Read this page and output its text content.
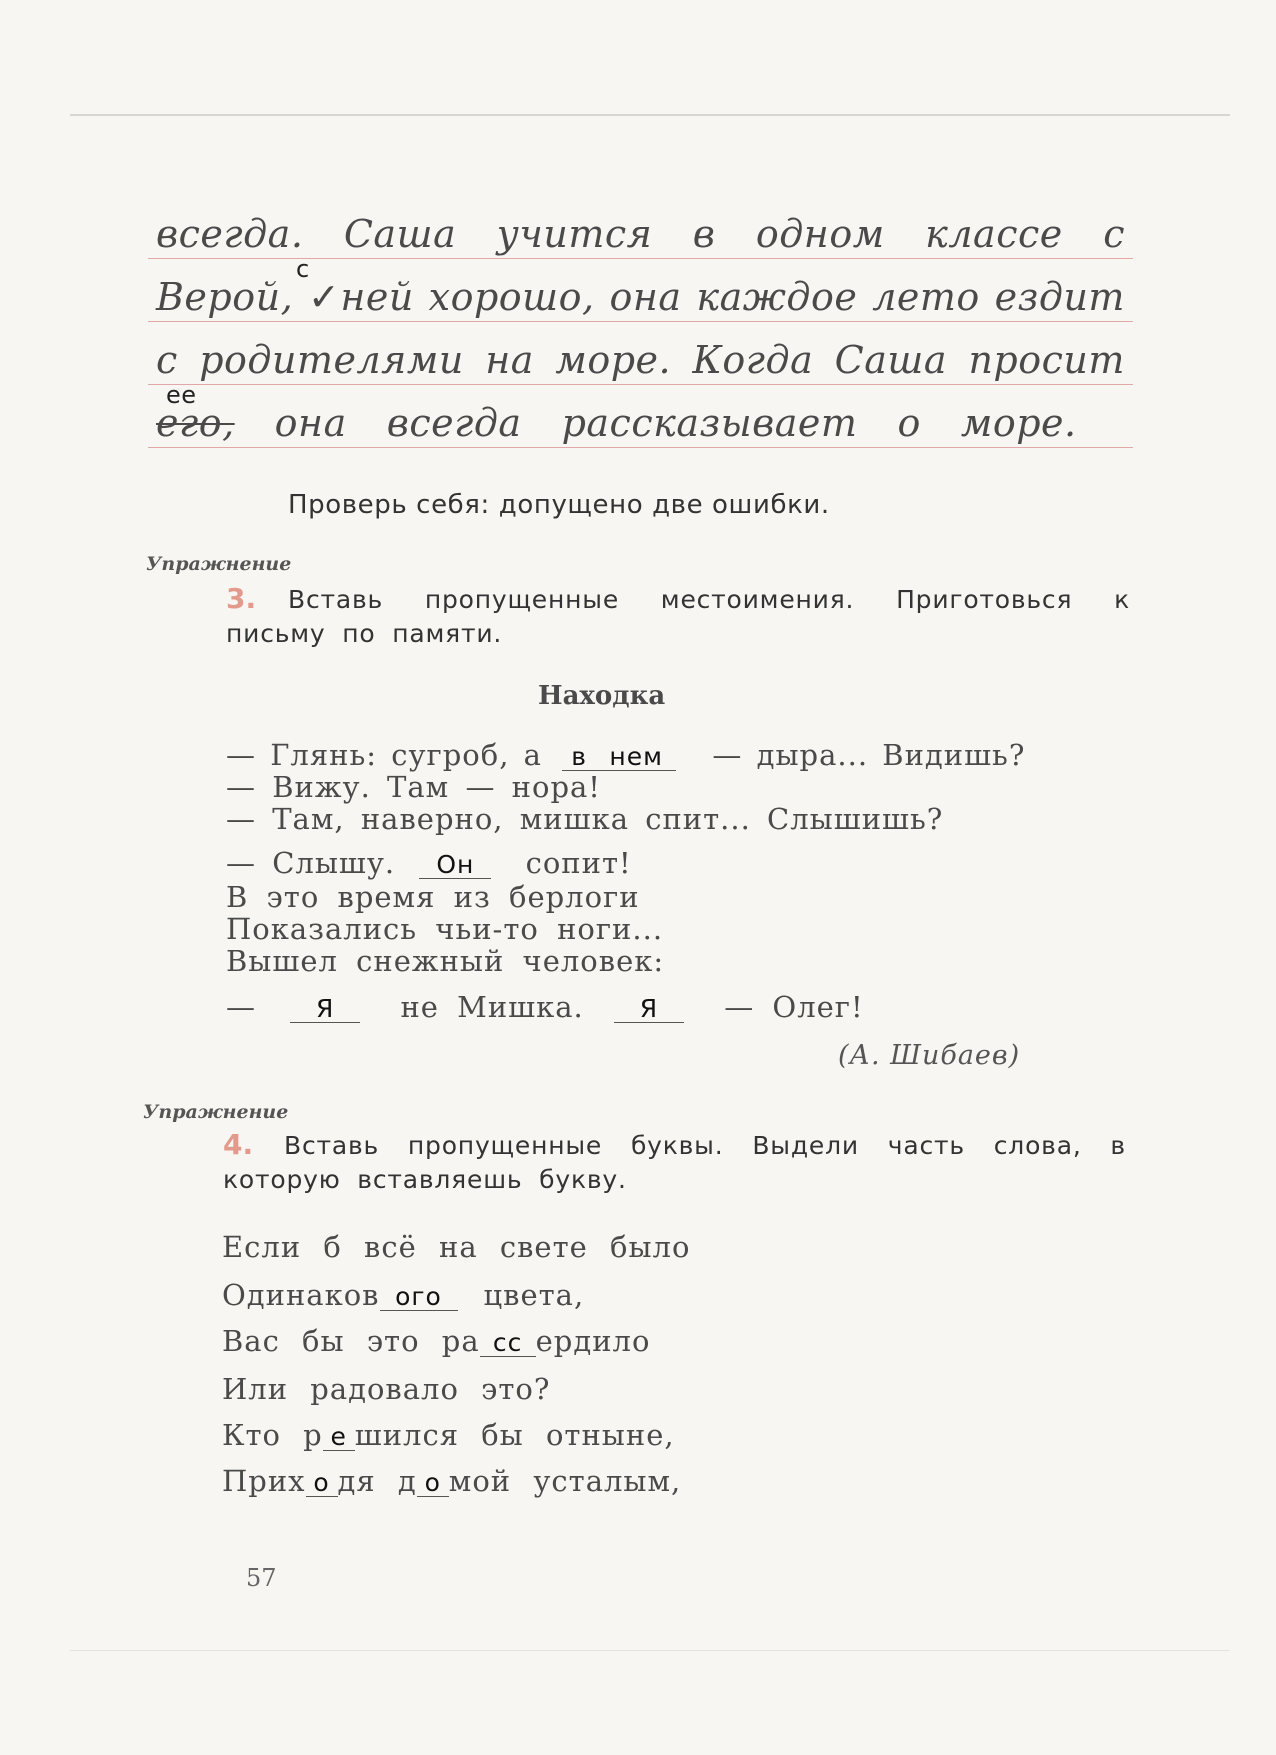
всегда. Саша учится в одном классе с
с
Верой, ✓ней хорошо, она каждое лето ездит
с родителями на море. Когда Саша просит
ее
его, она всегда рассказывает о море.
Проверь себя: допущено две ошибки.
Упражнение
3. Вставь пропущенные местоимения. Приготовься к
письму по памяти.
Находка
— Глянь: сугроб, а в нем — дыра... Видишь?
— Вижу. Там — нора!
— Там, наверно, мишка спит... Слышишь?
— Слышу. Он сопит!
В это время из берлоги
Показались чьи-то ноги...
Вышел снежный человек:
— Я не Мишка. Я — Олег!
(А. Шибаев)
Упражнение
4. Вставь пропущенные буквы. Выдели часть слова, в
которую вставляешь букву.
Если б всё на свете было
Одинаков ого цвета,
Вас бы это ра сс ердило
Или радовало это?
Кто р е шился бы отныне,
Прих о дя д о мой усталым,
57
